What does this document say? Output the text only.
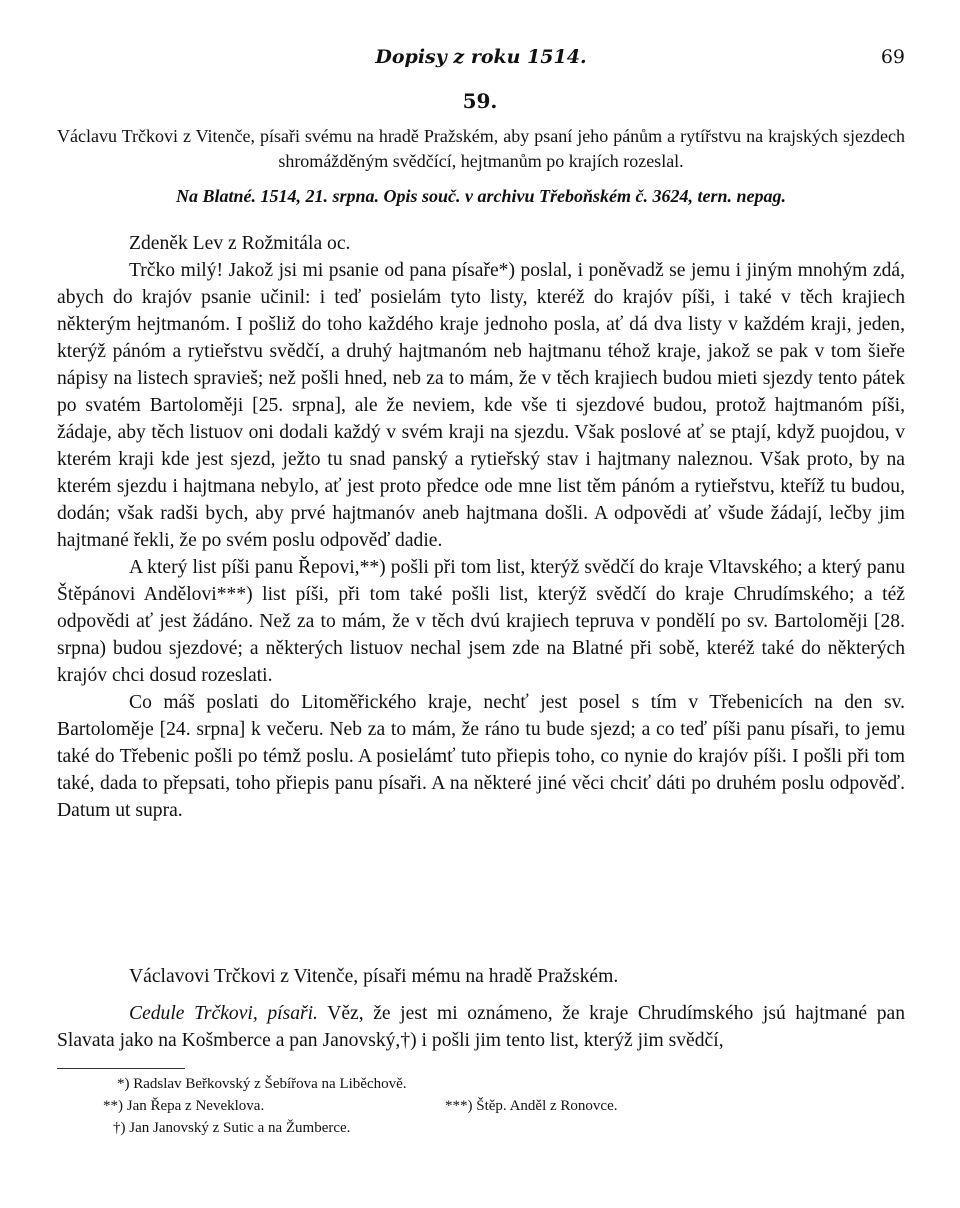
Dopisy z roku 1514.	69
59.

Václavu Trčkovi z Vitenče, písaři svému na hradě Pražském, aby psaní jeho pánům a rytířstvu na krajských sjezdech shromážděným svědčící, hejtmanům po krajích rozeslal.

Na Blatné. 1514, 21. srpna. Opis souč. v archivu Třeboňském č. 3624, tern. nepag.

Zdeněk Lev z Rožmitála oc.

Trčko milý! Jakož jsi mi psanie od pana písaře*) poslal, i poněvadž se jemu i jiným mnohým zdá, abych do krajóv psanie učinil: i teď posielám tyto listy, kteréž do krajóv píši, i také v těch krajiech některým hejtmanóm. I pošliž do toho každého kraje jednoho posla, ať dá dva listy v každém kraji, jeden, kterýž pánóm a rytieřstvu svědčí, a druhý hajtmanóm neb hajtmanu téhož kraje, jakož se pak v tom šieře nápisy na listech spravieš; než pošli hned, neb za to mám, že v těch krajiech budou mieti sjezdy tento pátek po svatém Bartoloměji [25. srpna], ale že neviem, kde vše ti sjezdové budou, protož hajtmanóm píši, žádaje, aby těch listuov oni dodali každý v svém kraji na sjezdu. Však poslové ať se ptají, když puojdou, v kterém kraji kde jest sjezd, ježto tu snad panský a rytieřský stav i hajtmany naleznou. Však proto, by na kterém sjezdu i hajtmana nebylo, ať jest proto předce ode mne list těm pánóm a rytieřstvu, kteříž tu budou, dodán; však radši bych, aby prvé hajtmanóv aneb hajtmana došli. A odpovědi ať všude žádají, lečby jim hajtmané řekli, že po svém poslu odpověď dadie.

A který list píši panu Řepovi,**) pošli při tom list, kterýž svědčí do kraje Vltavského; a který panu Štěpánovi Andělovi***) list píši, při tom také pošli list, kterýž svědčí do kraje Chrudímského; a též odpovědi ať jest žádáno. Než za to mám, že v těch dvú krajiech tepruva v pondělí po sv. Bartoloměji [28. srpna) budou sjezdové; a některých listuov nechal jsem zde na Blatné při sobě, kteréž také do některých krajóv chci dosud rozeslati.

Co máš poslati do Litoměřického kraje, nechť jest posel s tím v Třebenicích na den sv. Bartoloměje [24. srpna] k večeru. Neb za to mám, že ráno tu bude sjezd; a co teď píši panu písaři, to jemu také do Třebenic pošli po témž poslu. A posielámť tuto přiepis toho, co nynie do krajóv píši. I pošli při tom také, dada to přepsati, toho přiepis panu písaři. A na některé jiné věci chciť dáti po druhém poslu odpověď. Datum ut supra.

Václavovi Trčkovi z Vitenče, písaři mému na hradě Pražském.

Cedule Trčkovi, písaři. Věz, že jest mi oznámeno, že kraje Chrudímského jsú hajtmané pan Slavata jako na Košmberce a pan Janovský,†) i pošli jim tento list, kterýž jim svědčí,

*) Radslav Beřkovský z Šebířova na Liběchově.
**) Jan Řepa z Neveklova.	***) Štěp. Anděl z Ronovce.
†) Jan Janovský z Sutic a na Žumberce.
